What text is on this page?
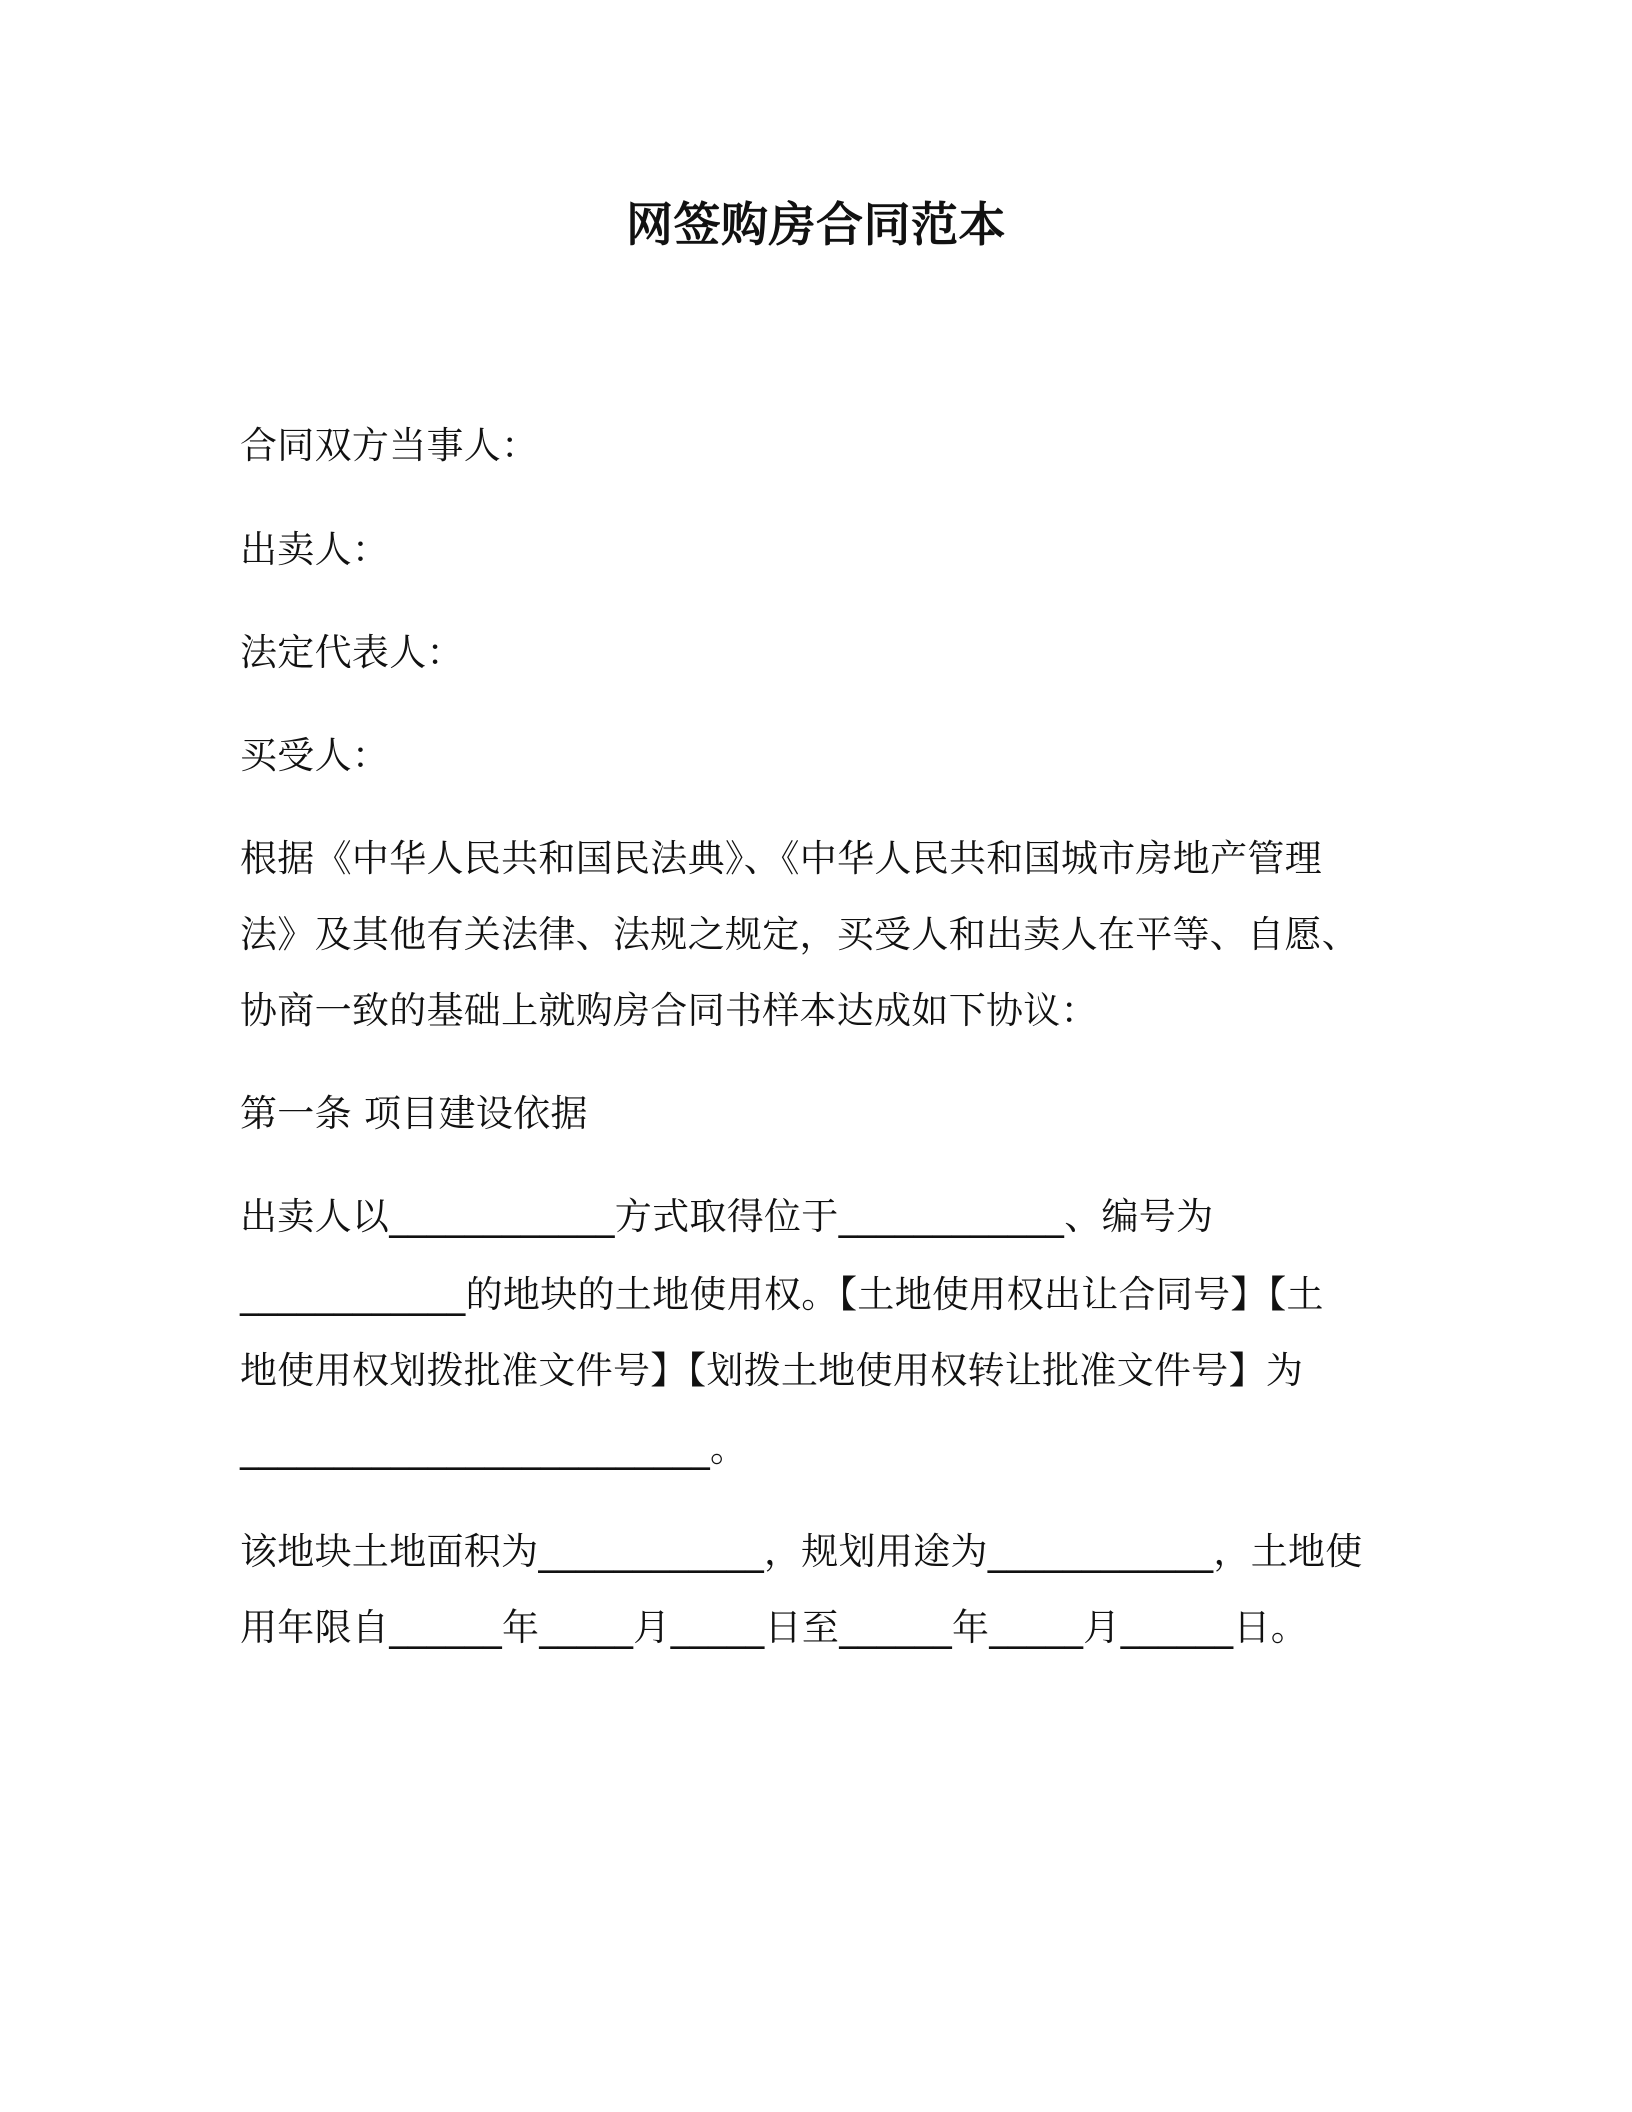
网签购房合同范本
合同双方当事人：
出卖人：
法定代表人：
买受人：
根据《中华人民共和国民法典》、《中华人民共和国城市房地产管理
法》及其他有关法律、法规之规定，买受人和出卖人在平等、自愿、
协商一致的基础上就购房合同书样本达成如下协议：
第一条 项目建设依据
出卖人以____________方式取得位于____________、编号为
____________的地块的土地使用权。【土地使用权出让合同号】【土
地使用权划拨批准文件号】【划拨土地使用权转让批准文件号】为
_________________________。
该地块土地面积为____________，规划用途为____________，土地使
用年限自______年_____月_____日至______年_____月______日。
